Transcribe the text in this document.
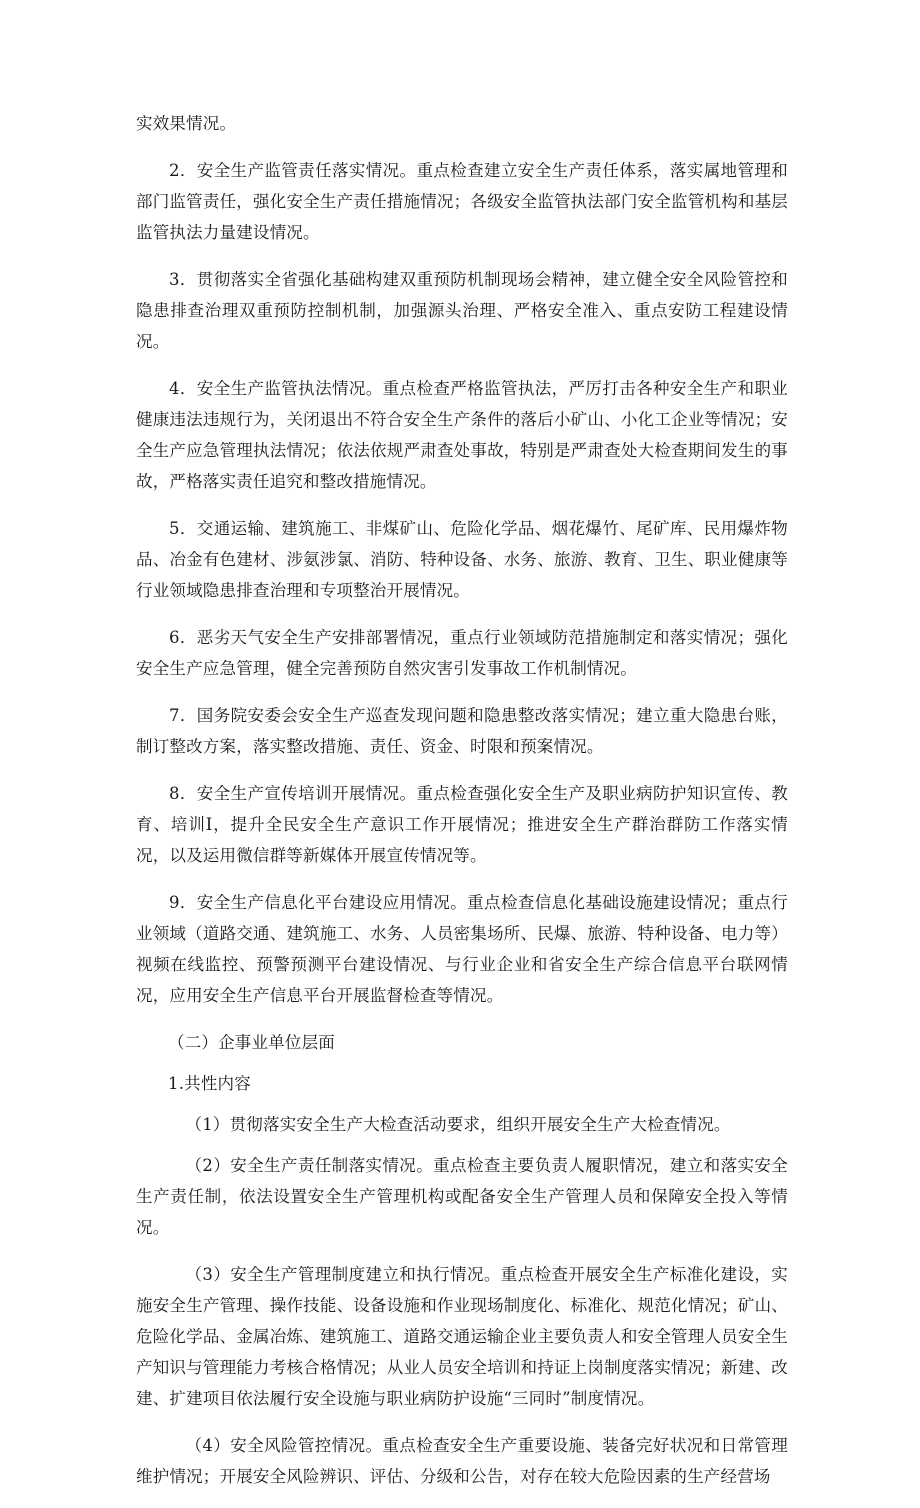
实效果情况。

2．安全生产监管责任落实情况。重点检查建立安全生产责任体系，落实属地管理和部门监管责任，强化安全生产责任措施情况；各级安全监管执法部门安全监管机构和基层监管执法力量建设情况。

3．贯彻落实全省强化基础构建双重预防机制现场会精神，建立健全安全风险管控和隐患排查治理双重预防控制机制，加强源头治理、严格安全准入、重点安防工程建设情况。

4．安全生产监管执法情况。重点检查严格监管执法，严厉打击各种安全生产和职业健康违法违规行为，关闭退出不符合安全生产条件的落后小矿山、小化工企业等情况；安全生产应急管理执法情况；依法依规严肃查处事故，特别是严肃查处大检查期间发生的事故，严格落实责任追究和整改措施情况。

5．交通运输、建筑施工、非煤矿山、危险化学品、烟花爆竹、尾矿库、民用爆炸物品、冶金有色建材、涉氨涉氯、消防、特种设备、水务、旅游、教育、卫生、职业健康等行业领域隐患排查治理和专项整治开展情况。

6．恶劣天气安全生产安排部署情况，重点行业领域防范措施制定和落实情况；强化安全生产应急管理，健全完善预防自然灾害引发事故工作机制情况。

7．国务院安委会安全生产巡查发现问题和隐患整改落实情况；建立重大隐患台账，制订整改方案，落实整改措施、责任、资金、时限和预案情况。

8．安全生产宣传培训开展情况。重点检查强化安全生产及职业病防护知识宣传、教育、培训I，提升全民安全生产意识工作开展情况；推进安全生产群治群防工作落实情况，以及运用微信群等新媒体开展宣传情况等。

9．安全生产信息化平台建设应用情况。重点检查信息化基础设施建设情况；重点行业领域（道路交通、建筑施工、水务、人员密集场所、民爆、旅游、特种设备、电力等）视频在线监控、预警预测平台建设情况、与行业企业和省安全生产综合信息平台联网情况，应用安全生产信息平台开展监督检查等情况。

（二）企事业单位层面

1.共性内容

（1）贯彻落实安全生产大检查活动要求，组织开展安全生产大检查情况。

（2）安全生产责任制落实情况。重点检查主要负责人履职情况，建立和落实安全生产责任制，依法设置安全生产管理机构或配备安全生产管理人员和保障安全投入等情况。

（3）安全生产管理制度建立和执行情况。重点检查开展安全生产标准化建设，实施安全生产管理、操作技能、设备设施和作业现场制度化、标准化、规范化情况；矿山、危险化学品、金属冶炼、建筑施工、道路交通运输企业主要负责人和安全管理人员安全生产知识与管理能力考核合格情况；从业人员安全培训和持证上岗制度落实情况；新建、改建、扩建项目依法履行安全设施与职业病防护设施“三同时”制度情况。

（4）安全风险管控情况。重点检查安全生产重要设施、装备完好状况和日常管理维护情况；开展安全风险辨识、评估、分级和公告，对存在较大危险因素的生产经营场
